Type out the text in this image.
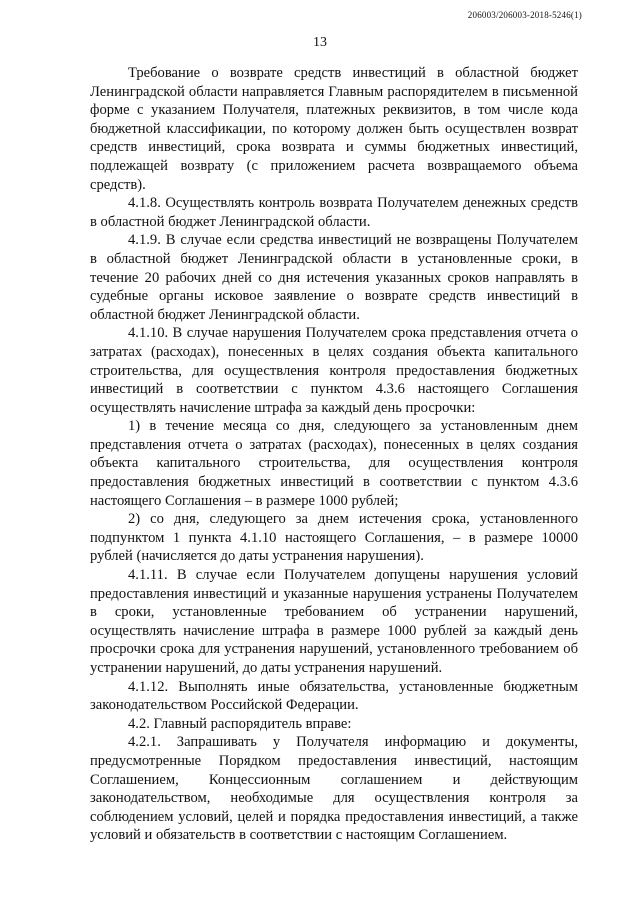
206003/206003-2018-5246(1)
13

Требование о возврате средств инвестиций в областной бюджет Ленинградской области направляется Главным распорядителем в письменной форме с указанием Получателя, платежных реквизитов, в том числе кода бюджетной классификации, по которому должен быть осуществлен возврат средств инвестиций, срока возврата и суммы бюджетных инвестиций, подлежащей возврату (с приложением расчета возвращаемого объема средств).

4.1.8. Осуществлять контроль возврата Получателем денежных средств в областной бюджет Ленинградской области.

4.1.9. В случае если средства инвестиций не возвращены Получателем в областной бюджет Ленинградской области в установленные сроки, в течение 20 рабочих дней со дня истечения указанных сроков направлять в судебные органы исковое заявление о возврате средств инвестиций в областной бюджет Ленинградской области.

4.1.10. В случае нарушения Получателем срока представления отчета о затратах (расходах), понесенных в целях создания объекта капитального строительства, для осуществления контроля предоставления бюджетных инвестиций в соответствии с пунктом 4.3.6 настоящего Соглашения осуществлять начисление штрафа за каждый день просрочки:

1) в течение месяца со дня, следующего за установленным днем представления отчета о затратах (расходах), понесенных в целях создания объекта капитального строительства, для осуществления контроля предоставления бюджетных инвестиций в соответствии с пунктом 4.3.6 настоящего Соглашения – в размере 1000 рублей;

2) со дня, следующего за днем истечения срока, установленного подпунктом 1 пункта 4.1.10 настоящего Соглашения, – в размере 10000 рублей (начисляется до даты устранения нарушения).

4.1.11. В случае если Получателем допущены нарушения условий предоставления инвестиций и указанные нарушения устранены Получателем в сроки, установленные требованием об устранении нарушений, осуществлять начисление штрафа в размере 1000 рублей за каждый день просрочки срока для устранения нарушений, установленного требованием об устранении нарушений, до даты устранения нарушений.

4.1.12. Выполнять иные обязательства, установленные бюджетным законодательством Российской Федерации.

4.2. Главный распорядитель вправе:

4.2.1. Запрашивать у Получателя информацию и документы, предусмотренные Порядком предоставления инвестиций, настоящим Соглашением, Концессионным соглашением и действующим законодательством, необходимые для осуществления контроля за соблюдением условий, целей и порядка предоставления инвестиций, а также условий и обязательств в соответствии с настоящим Соглашением.
